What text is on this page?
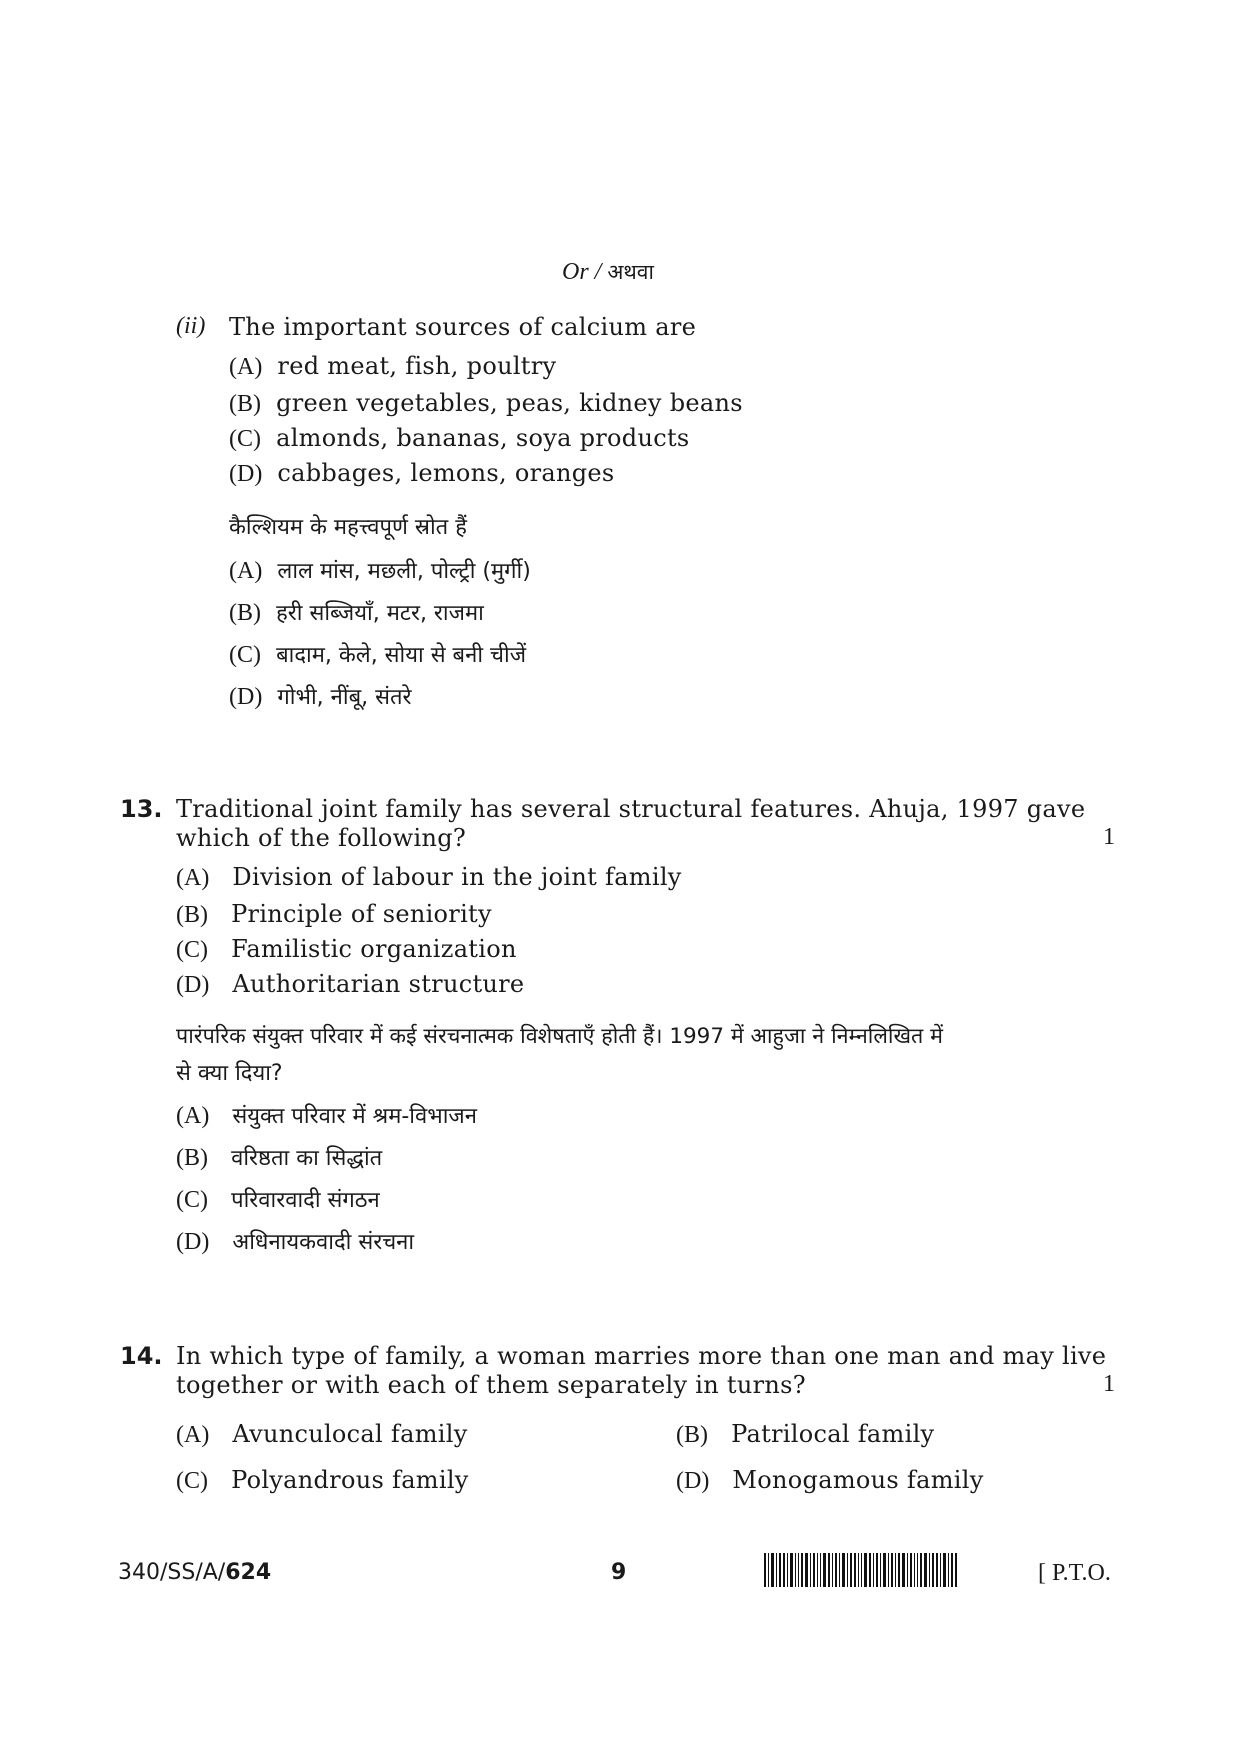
Or / अथवा
(ii) The important sources of calcium are
(A) red meat, fish, poultry
(B) green vegetables, peas, kidney beans
(C) almonds, bananas, soya products
(D) cabbages, lemons, oranges
कैल्शियम के महत्त्वपूर्ण स्रोत हैं
(A) लाल मांस, मछली, पोल्ट्री (मुर्गी)
(B) हरी सब्जियाँ, मटर, राजमा
(C) बादाम, केले, सोया से बनी चीजें
(D) गोभी, नींबू, संतरे
13. Traditional joint family has several structural features. Ahuja, 1997 gave
which of the following?	1
(A) Division of labour in the joint family
(B) Principle of seniority
(C) Familistic organization
(D) Authoritarian structure
पारंपरिक संयुक्त परिवार में कई संरचनात्मक विशेषताएँ होती हैं। 1997 में आहुजा ने निम्नलिखित में
से क्या दिया?
(A) संयुक्त परिवार में श्रम-विभाजन
(B) वरिष्ठता का सिद्धांत
(C) परिवारवादी संगठन
(D) अधिनायकवादी संरचना
14. In which type of family, a woman marries more than one man and may live
together or with each of them separately in turns?	1
(A) Avunculocal family	(B) Patrilocal family
(C) Polyandrous family	(D) Monogamous family
340/SS/A/624	9	[ P.T.O.
